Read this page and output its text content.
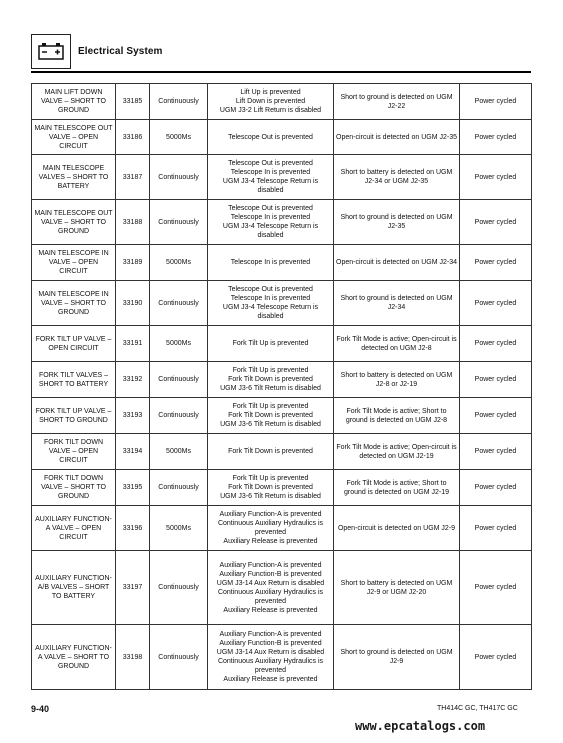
Electrical System
MAIN LIFT DOWN VALVE – SHORT TO GROUND	33185	Continuously	Lift Up is prevented
Lift Down is prevented
UGM J3-2 Lift Return is disabled	Short to ground is detected on UGM J2-22	Power cycled
MAIN TELESCOPE OUT VALVE – OPEN CIRCUIT	33186	5000Ms	Telescope Out is prevented	Open-circuit is detected on UGM J2-35	Power cycled
MAIN TELESCOPE VALVES – SHORT TO BATTERY	33187	Continuously	Telescope Out is prevented
Telescope In is prevented
UGM J3-4 Telescope Return is disabled	Short to battery is detected on UGM J2-34 or UGM J2-35	Power cycled
MAIN TELESCOPE OUT VALVE – SHORT TO GROUND	33188	Continuously	Telescope Out is prevented
Telescope In is prevented
UGM J3-4 Telescope Return is disabled	Short to ground is detected on UGM J2-35	Power cycled
MAIN TELESCOPE IN VALVE – OPEN CIRCUIT	33189	5000Ms	Telescope In is prevented	Open-circuit is detected on UGM J2-34	Power cycled
MAIN TELESCOPE IN VALVE – SHORT TO GROUND	33190	Continuously	Telescope Out is prevented
Telescope In is prevented
UGM J3-4 Telescope Return is disabled	Short to ground is detected on UGM J2-34	Power cycled
FORK TILT UP VALVE – OPEN CIRCUIT	33191	5000Ms	Fork Tilt Up is prevented	Fork Tilt Mode is active; Open-circuit is detected on UGM J2-8	Power cycled
FORK TILT VALVES – SHORT TO BATTERY	33192	Continuously	Fork Tilt Up is prevented
Fork Tilt Down is prevented
UGM J3-6 Tilt Return is disabled	Short to battery is detected on UGM J2-8 or J2-19	Power cycled
FORK TILT UP VALVE – SHORT TO GROUND	33193	Continuously	Fork Tilt Up is prevented
Fork Tilt Down is prevented
UGM J3-6 Tilt Return is disabled	Fork Tilt Mode is active; Short to ground is detected on UGM J2-8	Power cycled
FORK TILT DOWN VALVE – OPEN CIRCUIT	33194	5000Ms	Fork Tilt Down is prevented	Fork Tilt Mode is active; Open-circuit is detected on UGM J2-19	Power cycled
FORK TILT DOWN VALVE – SHORT TO GROUND	33195	Continuously	Fork Tilt Up is prevented
Fork Tilt Down is prevented
UGM J3-6 Tilt Return is disabled	Fork Tilt Mode is active; Short to ground is detected on UGM J2-19	Power cycled
AUXILIARY FUNCTION-A VALVE – OPEN CIRCUIT	33196	5000Ms	Auxiliary Function-A is prevented
Continuous Auxiliary Hydraulics is prevented
Auxiliary Release is prevented	Open-circuit is detected on UGM J2-9	Power cycled
AUXILIARY FUNCTION-A/B VALVES – SHORT TO BATTERY	33197	Continuously	Auxiliary Function-A is prevented
Auxiliary Function-B is prevented
UGM J3-14 Aux Return is disabled
Continuous Auxiliary Hydraulics is prevented
Auxiliary Release is prevented	Short to battery is detected on UGM J2-9 or UGM J2-20	Power cycled
AUXILIARY FUNCTION-A VALVE – SHORT TO GROUND	33198	Continuously	Auxiliary Function-A is prevented
Auxiliary Function-B is prevented
UGM J3-14 Aux Return is disabled
Continuous Auxiliary Hydraulics is prevented
Auxiliary Release is prevented	Short to ground is detected on UGM J2-9	Power cycled
9-40	TH414C GC, TH417C GC
www.epcatalogs.com
